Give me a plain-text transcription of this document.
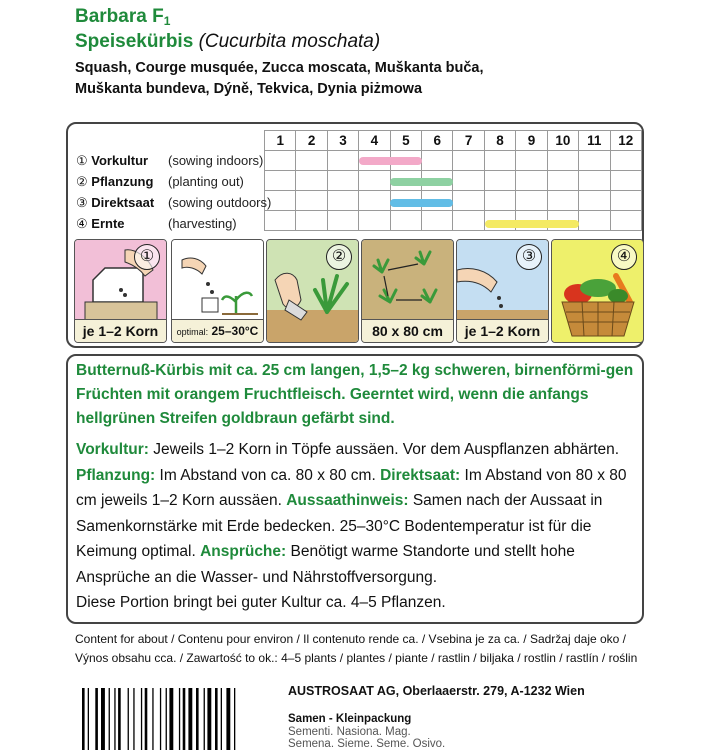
Barbara $F_1$
Speisekürbis (Cucurbita moschata)
Squash, Courge musquée, Zucca moscata, Muškanta buča,
Muškanta bundeva, Dýně, Tekvica, Dynia piżmowa
1	2	3	4	5	6	7	8	9	10	11	12

① Vorkultur (sowing indoors)
② Pflanzung (planting out)
③ Direktsaat (sowing outdoors)
④ Ernte	(harvesting)
①
je 1–2 Korn	optimal: 25–30°C
②
80 x 80 cm
③
je 1–2 Korn
④
Butternuß-Kürbis mit ca. 25 cm langen, 1,5–2 kg schweren, birnenförmi-gen Früchten mit orangem Fruchtfleisch. Geerntet wird, wenn die anfangs hellgrünen Streifen goldbraun gefärbt sind.
Vorkultur: Jeweils 1–2 Korn in Töpfe aussäen. Vor dem Auspflanzen abhärten. Pflanzung: Im Abstand von ca. 80 x 80 cm. Direktsaat: Im Abstand von 80 x 80 cm jeweils 1–2 Korn aussäen. Aussaathinweis: Samen nach der Aussaat in Samenkornstärke mit Erde bedecken. 25–30°C Bodentemperatur ist für die Keimung optimal. Ansprüche: Benötigt warme Standorte und stellt hohe Ansprüche an die Wasser- und Nährstoffversorgung.
Diese Portion bringt bei guter Kultur ca. 4–5 Pflanzen.
Content for about / Contenu pour environ / Il contenuto rende ca. / Vsebina je za ca. / Sadržaj daje oko /
Výnos obsahu cca. / Zawartość to ok.: 4–5 plants / plantes / piante / rastlin / biljaka / rostlin / rastlín / roślin
AUSTROSAAT AG, Oberlaaerstr. 279, A-1232 Wien
Samen - Kleinpackung
Sementi. Nasiona. Mag.
Semena. Sieme. Seme. Osivo.
